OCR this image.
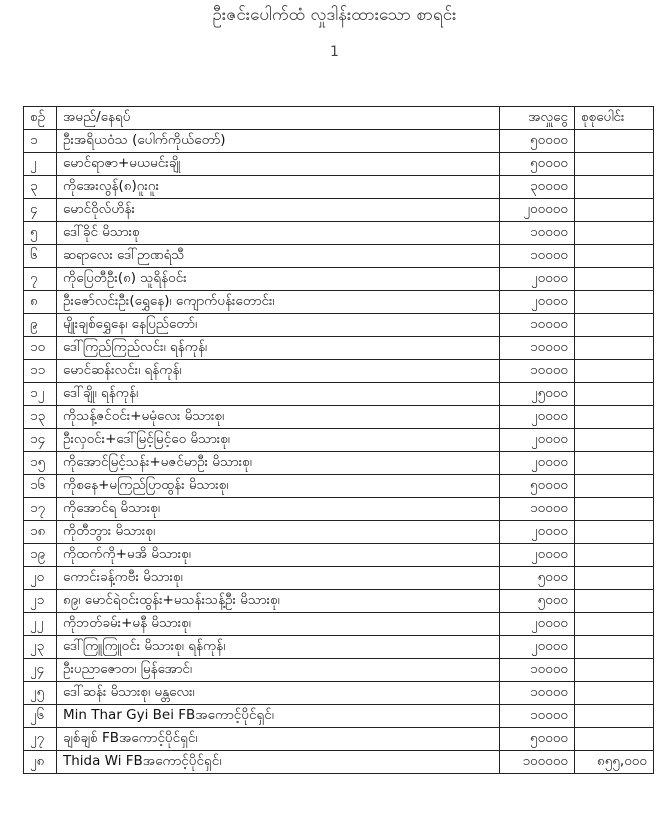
ဦးဇင်းပေါက်ထံ လှုဒါန်းထားသော စာရင်း
1
စဉ်	အမည်/နေရပ်	အလှူငွေ	စုစုပေါင်း
၁	ဦးအရိယဝံသ (ပေါက်ကိုယ်တော်)	၅၀၀၀၀	
၂	မောင်ရာဇာ+မယမင်းချို	၅၀၀၀၀	
၃	ကိုအေးလွန်(၈)ဂူးဂူး	၃၀၀၀၀	
၄	မောင်ဝိုလ်ဟိန်း	၂၀၀၀၀၀	
၅	ဒေါ်ခိုင် မိသားစု	၁၀၀၀၀	
၆	ဆရာလေး ဒေါ်ဉာဏရံသီ	၁၀၀၀၀	
၇	ကိုပြေတီဦး(၈) သူရိန်ဝင်း	၂၀၀၀၀	
၈	ဦးဇော်လင်းဦး(ရွှေနေ)၊ ကျောက်ပန်းတောင်း၊	၂၀၀၀၀	
၉	မျိုးချစ်ရွှေနေ၊ နေပြည်တော်၊	၁၀၀၀၀	
၁၀	ဒေါ်ကြည်ကြည်လင်း၊ ရန်ကုန်၊	၁၀၀၀၀	
၁၁	မောင်ဆန်းလင်း၊ ရန်ကုန်၊	၁၀၀၀၀	
၁၂	ဒေါ်ချို၊ ရန်ကုန်၊	၂၅၀၀၀	
၁၃	ကိုသန့်ဇင်ဝင်း+မမုံလေး မိသားစု၊	၂၀၀၀၀	
၁၄	ဦးလှဝင်း+ဒေါ်မြင့်မြင့်ဝေ မိသားစု၊	၂၀၀၀၀	
၁၅	ကိုအောင်မြင့်သန်း+မဇင်မာဦး မိသားစု၊	၂၀၀၀၀	
၁၆	ကိုစနေ+မကြည်ပြာထွန်း မိသားစု၊	၅၀၀၀၀	
၁၇	ကိုအောင်ရ မိသားစု၊	၁၀၀၀၀	
၁၈	ကိုတီဘွား မိသားစု၊	၂၀၀၀၀	
၁၉	ကိုထက်ကို+မအိ မိသားစု၊	၂၀၀၀၀	
၂၀	ကောင်းခန့်ကဗီး မိသားစု၊	၅၀၀၀	
၂၁	၈၉၊ မောင်ရဲဝင်းထွန်း+မသန်းသန့်ဦး မိသားစု၊	၅၀၀၀	
၂၂	ကိုဘတ်ခမ်း+မနီ မိသားစု၊	၂၀၀၀၀	
၂၃	ဒေါ်ကြူကြူဝင်း မိသားစု၊ ရန်ကုန်၊	၂၀၀၀၀	
၂၄	ဦးပညာဇောတ၊ မြန်အောင်၊	၁၀၀၀၀	
၂၅	ဒေါ်ဆန်း မိသားစု၊ မန္တလေး၊	၁၀၀၀၀	
၂၆	Min Thar Gyi Bei FBအကောင့်ပိုင်ရှင်၊	၁၀၀၀၀	
၂၇	ချစ်ချစ် FBအကောင့်ပိုင်ရှင်၊	၅၀၀၀၀	
၂၈	Thida Wi FBအကောင့်ပိုင်ရှင်၊	၁၀၀၀၀၀	၈၅၅,၀၀၀
